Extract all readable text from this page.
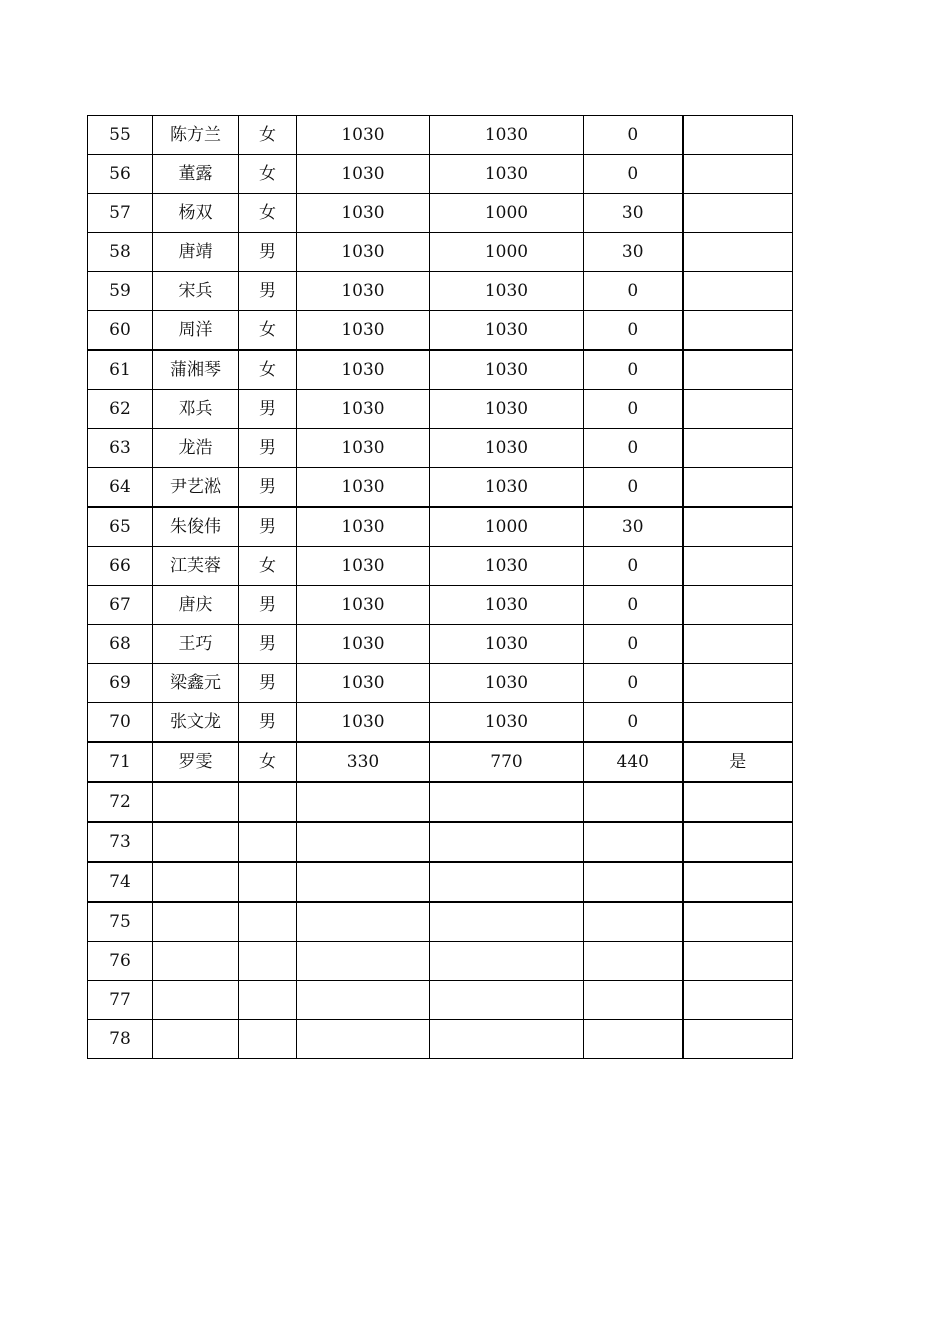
55	陈方兰	女	1030	1030	0	
56	董露	女	1030	1030	0	
57	杨双	女	1030	1000	30	
58	唐靖	男	1030	1000	30	
59	宋兵	男	1030	1030	0	
60	周洋	女	1030	1030	0	
61	蒲湘琴	女	1030	1030	0	
62	邓兵	男	1030	1030	0	
63	龙浩	男	1030	1030	0	
64	尹艺淞	男	1030	1030	0	
65	朱俊伟	男	1030	1000	30	
66	江芙蓉	女	1030	1030	0	
67	唐庆	男	1030	1030	0	
68	王巧	男	1030	1030	0	
69	梁鑫元	男	1030	1030	0	
70	张文龙	男	1030	1030	0	
71	罗雯	女	330	770	440	是
72						
73						
74						
75						
76						
77						
78						
